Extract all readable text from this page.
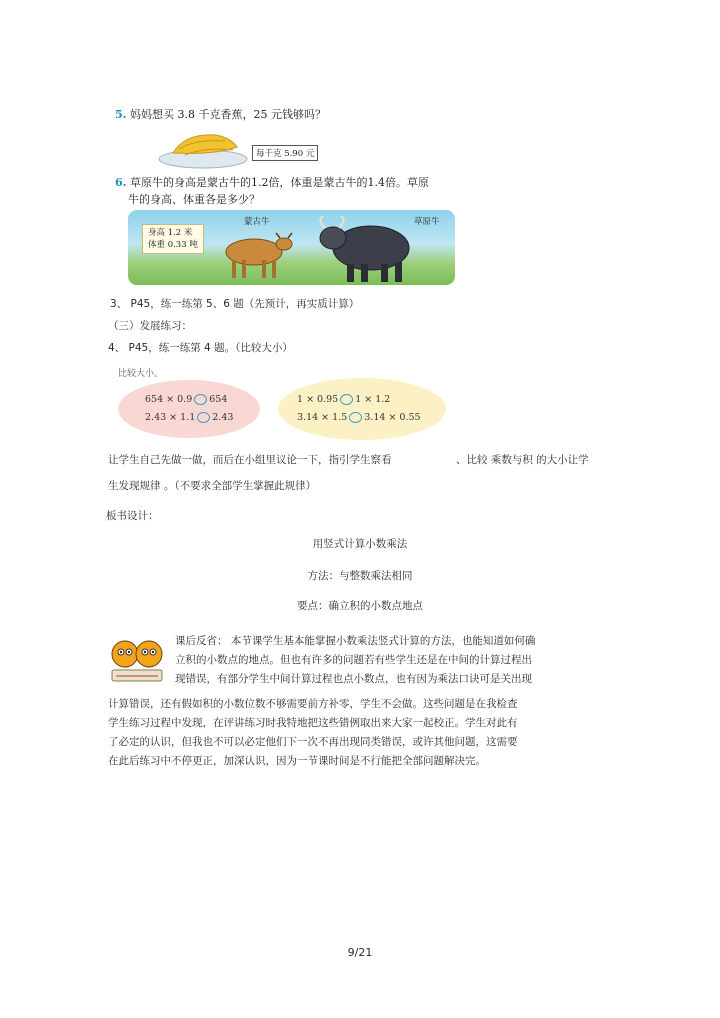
5. 妈妈想买 3.8 千克香蕉，25 元钱够吗？
每千克 5.90 元
6. 草原牛的身高是蒙古牛的1.2倍，体重是蒙古牛的1.4倍。草原
牛的身高、体重各是多少？
身高 1.2 米
体重 0.33 吨
蒙古牛	草原牛
3、 P45，练一练第 5、6 题（先预计，再实质计算）
（三）发展练习：
4、 P45，练一练第 4 题。（比较大小）
比较大小。
654 × 0.9 654
2.43 × 1.1 2.43
1 × 0.95 1 × 1.2
3.14 × 1.5 3.14 × 0.55
让学生自己先做一做，而后在小组里议论一下，指引学生察看	、比较 乘数与积 的大小让学
生发现规律 。（不要求全部学生掌握此规律）
板书设计：
用竖式计算小数乘法
方法：与整数乘法相同
要点：确立积的小数点地点
课后反省： 本节课学生基本能掌握小数乘法竖式计算的方法，也能知道如何确
立积的小数点的地点。但也有许多的问题若有些学生还是在中间的计算过程出
现错误，有部分学生中间计算过程也点小数点，也有因为乘法口诀可是关出现
计算错误，还有假如积的小数位数不够需要前方补零，学生不会做。这些问题是在我检查
学生练习过程中发现，在评讲练习时我特地把这些错例取出来大家一起校正。学生对此有
了必定的认识，但我也不可以必定他们下一次不再出现同类错误，或许其他问题，这需要
在此后练习中不停更正，加深认识，因为一节课时间是不行能把全部问题解决完。
9/21
